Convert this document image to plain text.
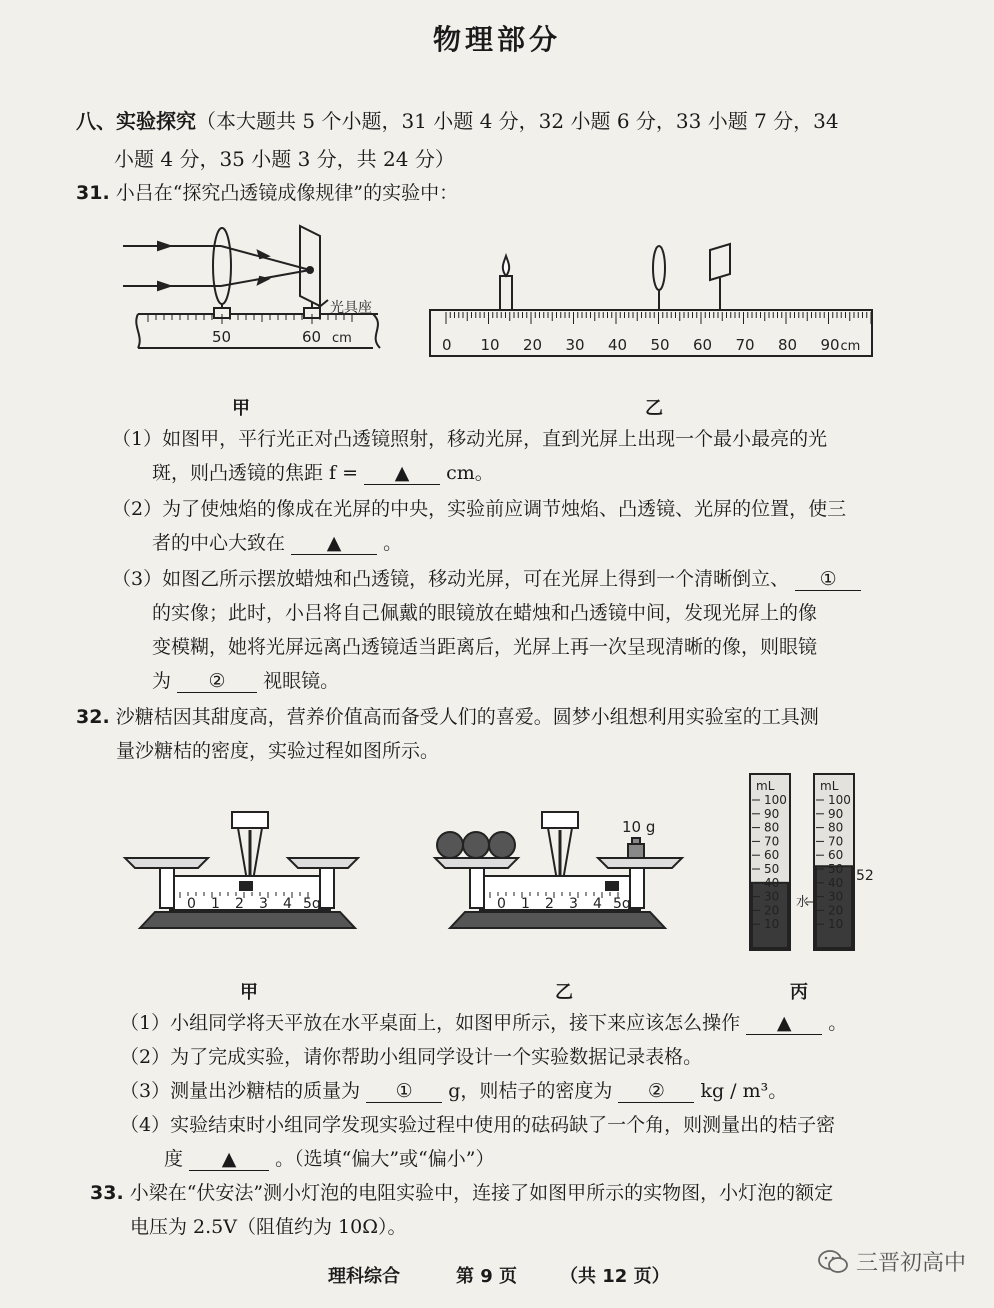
物理部分
八、实验探究（本大题共 5 个小题，31 小题 4 分，32 小题 6 分，33 小题 7 分，34
小题 4 分，35 小题 3 分，共 24 分）
31. 小吕在“探究凸透镜成像规律”的实验中：
光具座
50	60 cm	0 10 20 30 40 50 60 70 80 90 cm
甲	乙
（1）如图甲，平行光正对凸透镜照射，移动光屏，直到光屏上出现一个最小最亮的光
斑，则凸透镜的焦距 f = ▲ cm。
（2）为了使烛焰的像成在光屏的中央，实验前应调节烛焰、凸透镜、光屏的位置，使三
者的中心大致在 ▲ 。
（3）如图乙所示摆放蜡烛和凸透镜，移动光屏，可在光屏上得到一个清晰倒立、 ①
的实像；此时，小吕将自己佩戴的眼镜放在蜡烛和凸透镜中间，发现光屏上的像
变模糊，她将光屏远离凸透镜适当距离后，光屏上再一次呈现清晰的像，则眼镜
为 ② 视眼镜。
32. 沙糖桔因其甜度高，营养价值高而备受人们的喜爱。圆梦小组想利用实验室的工具测
量沙糖桔的密度，实验过程如图所示。
0 1 2 3 4 5g
10 g
0 1 2 3 4 5g
100
90
80
70
60
50
40
30
20
10
100
90
80
70
60
50
40
30
20
10
mL	mL
水
52
甲	乙	丙
（1）小组同学将天平放在水平桌面上，如图甲所示，接下来应该怎么操作 ▲ 。
（2）为了完成实验，请你帮助小组同学设计一个实验数据记录表格。
（3）测量出沙糖桔的质量为 ① g，则桔子的密度为 ② kg / m³。
（4）实验结束时小组同学发现实验过程中使用的砝码缺了一个角，则测量出的桔子密
度 ▲ 。（选填“偏大”或“偏小”）
33. 小梁在“伏安法”测小灯泡的电阻实验中，连接了如图甲所示的实物图，小灯泡的额定
电压为 2.5V（阻值约为 10Ω）。
理科综合	第 9 页 （共 12 页）
三晋初高中
